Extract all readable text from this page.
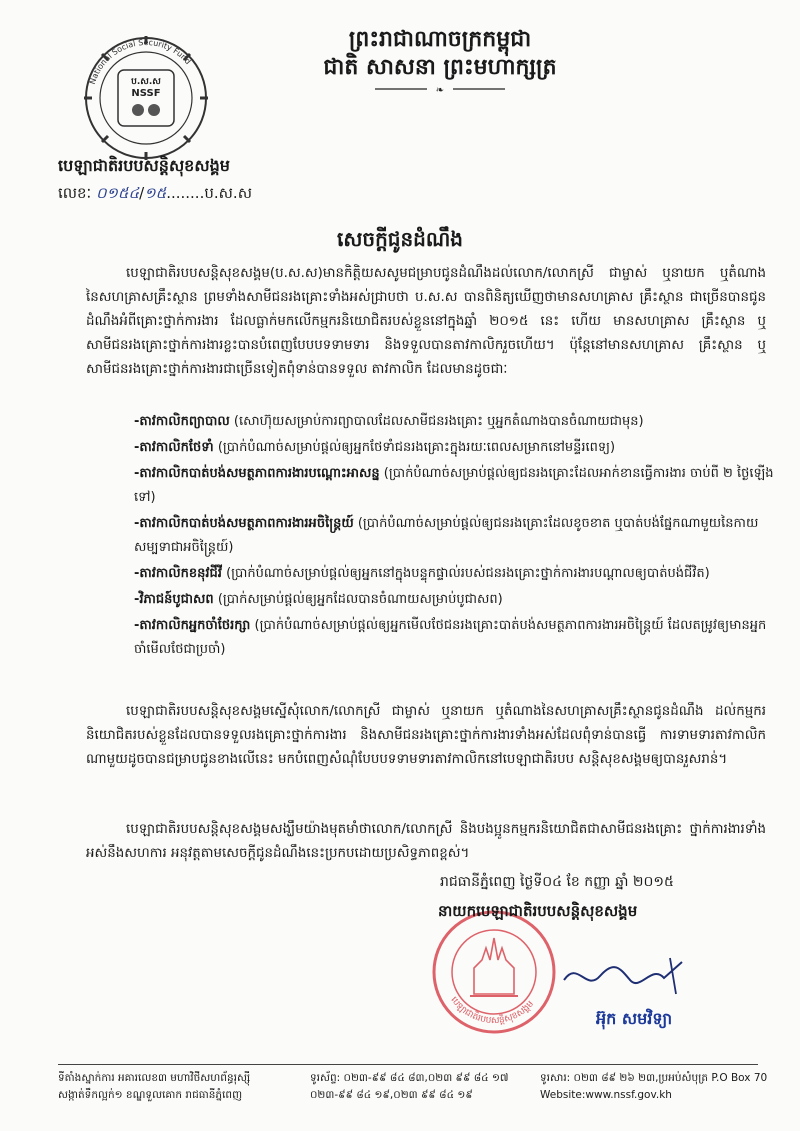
ព្រះរាជាណាចក្រកម្ពុជា
ជាតិ សាសនា ព្រះមហាក្សត្រ
❧
ប.ស.ស
NSSF
National Social Security Fund
បេឡាជាតិរបបសន្តិសុខសង្គម
លេខៈ ០១៥៤/១៥........ប.ស.ស
សេចក្តីជូនដំណឹង
បេឡាជាតិរបបសន្តិសុខសង្គម(ប.ស.ស)មានកិត្តិយសសូមជម្រាបជូនដំណឹងដល់លោក/លោកស្រី ជាម្ចាស់ ឬនាយក ឬតំណាងនៃសហគ្រាសគ្រឹះស្ថាន ព្រមទាំងសាមីជនរងគ្រោះទាំងអស់ជ្រាបថា ប.ស.ស បានពិនិត្យឃើញថាមានសហគ្រាស គ្រឹះស្ថាន ជាច្រើនបានជូនដំណឹងអំពីគ្រោះថ្នាក់ការងារ ដែលធ្លាក់មកលើកម្មករនិយោជិតរបស់ខ្លួននៅក្នុងឆ្នាំ ២០១៥ នេះ ហើយ មានសហគ្រាស គ្រឹះស្ថាន ឬសាមីជនរងគ្រោះថ្នាក់ការងារខ្លះបានបំពេញបែបបទទាមទារ និងទទួលបានតាវកាលិករួចហើយ។ ប៉ុន្តែនៅមានសហគ្រាស គ្រឹះស្ថាន ឬសាមីជនរងគ្រោះថ្នាក់ការងារជាច្រើនទៀតពុំទាន់បានទទួល តាវកាលិក ដែលមានដូចជាៈ
-តាវកាលិកព្យាបាល (សោហ៊ុយសម្រាប់ការព្យាបាលដែលសាមីជនរងគ្រោះ ឬអ្នកតំណាងបានចំណាយជាមុន)
-តាវកាលិកថែទាំ (ប្រាក់បំណាច់សម្រាប់ផ្តល់ឲ្យអ្នកថែទាំជនរងគ្រោះក្នុងរយៈពេលសម្រាកនៅមន្ទីរពេទ្យ)
-តាវកាលិកបាត់បង់សមត្ថភាពការងារបណ្តោះអាសន្ន (ប្រាក់បំណាច់សម្រាប់ផ្តល់ឲ្យជនរងគ្រោះដែលអាក់ខានធ្វើការងារ ចាប់ពី ២ ថ្ងៃឡើងទៅ)
-តាវកាលិកបាត់បង់សមត្ថភាពការងារអចិន្ត្រៃយ៍ (ប្រាក់បំណាច់សម្រាប់ផ្តល់ឲ្យជនរងគ្រោះដែលខូចខាត ឬបាត់បង់ផ្នែកណាមួយនៃកាយសម្បទាជាអចិន្ត្រៃយ៍)
-តាវកាលិកខនុវជីវី (ប្រាក់បំណាច់សម្រាប់ផ្តល់ឲ្យអ្នកនៅក្នុងបន្ទុកផ្ទាល់របស់ជនរងគ្រោះថ្នាក់ការងារបណ្តាលឲ្យបាត់បង់ជីវិត)
-វិភាជន៍បូជាសព (ប្រាក់សម្រាប់ផ្តល់ឲ្យអ្នកដែលបានចំណាយសម្រាប់បូជាសព)
-តាវកាលិកអ្នកចាំថែរក្សា (ប្រាក់បំណាច់សម្រាប់ផ្តល់ឲ្យអ្នកមើលថែជនរងគ្រោះបាត់បង់សមត្ថភាពការងារអចិន្ត្រៃយ៍ ដែលតម្រូវឲ្យមានអ្នកចាំមើលថែជាប្រចាំ)
បេឡាជាតិរបបសន្តិសុខសង្គមស្នើសុំលោក/លោកស្រី ជាម្ចាស់ ឬនាយក ឬតំណាងនៃសហគ្រាសគ្រឹះស្ថានជូនដំណឹង ដល់កម្មករនិយោជិតរបស់ខ្លួនដែលបានទទួលរងគ្រោះថ្នាក់ការងារ និងសាមីជនរងគ្រោះថ្នាក់ការងារទាំងអស់ដែលពុំទាន់បានធ្វើ ការទាមទារតាវកាលិកណាមួយដូចបានជម្រាបជូនខាងលើនេះ មកបំពេញសំណុំបែបបទទាមទារតាវកាលិកនៅបេឡាជាតិរបប សន្តិសុខសង្គមឲ្យបានរួសរាន់។
បេឡាជាតិរបបសន្តិសុខសង្គមសង្ឃឹមយ៉ាងមុតមាំថាលោក/លោកស្រី និងបងប្អូនកម្មករនិយោជិតជាសាមីជនរងគ្រោះ ថ្នាក់ការងារទាំងអស់នឹងសហការ អនុវត្តតាមសេចក្តីជូនដំណឹងនេះប្រកបដោយប្រសិទ្ធភាពខ្ពស់។
រាជធានីភ្នំពេញ ថ្ងៃទី០៤ ខែ កញ្ញា ឆ្នាំ ២០១៥
បេឡាជាតិរបបសន្តិសុខសង្គម
នាយកបេឡាជាតិរបបសន្តិសុខសង្គម
អ៊ុក សមវិទ្យា
ទីតាំងស្នាក់ការ អគារលេខ៣ មហាវិថីសហព័ន្ធរុស្ស៊ី
សង្កាត់ទឹកល្អក់១ ខណ្ឌទួលគោក រាជធានីភ្នំពេញ
ទូរស័ព្ទ: ០២៣-៩៩ ៨៤ ៨៣,០២៣ ៩៩ ៨៤ ១៧
០២៣-៩៩ ៨៤ ១៩,០២៣ ៩៩ ៨៤ ១៩
ទូរសារ: ០២៣ ៨៩ ២៦ ២៣,ប្រអប់សំបុត្រ P.O Box 70
Website:www.nssf.gov.kh
